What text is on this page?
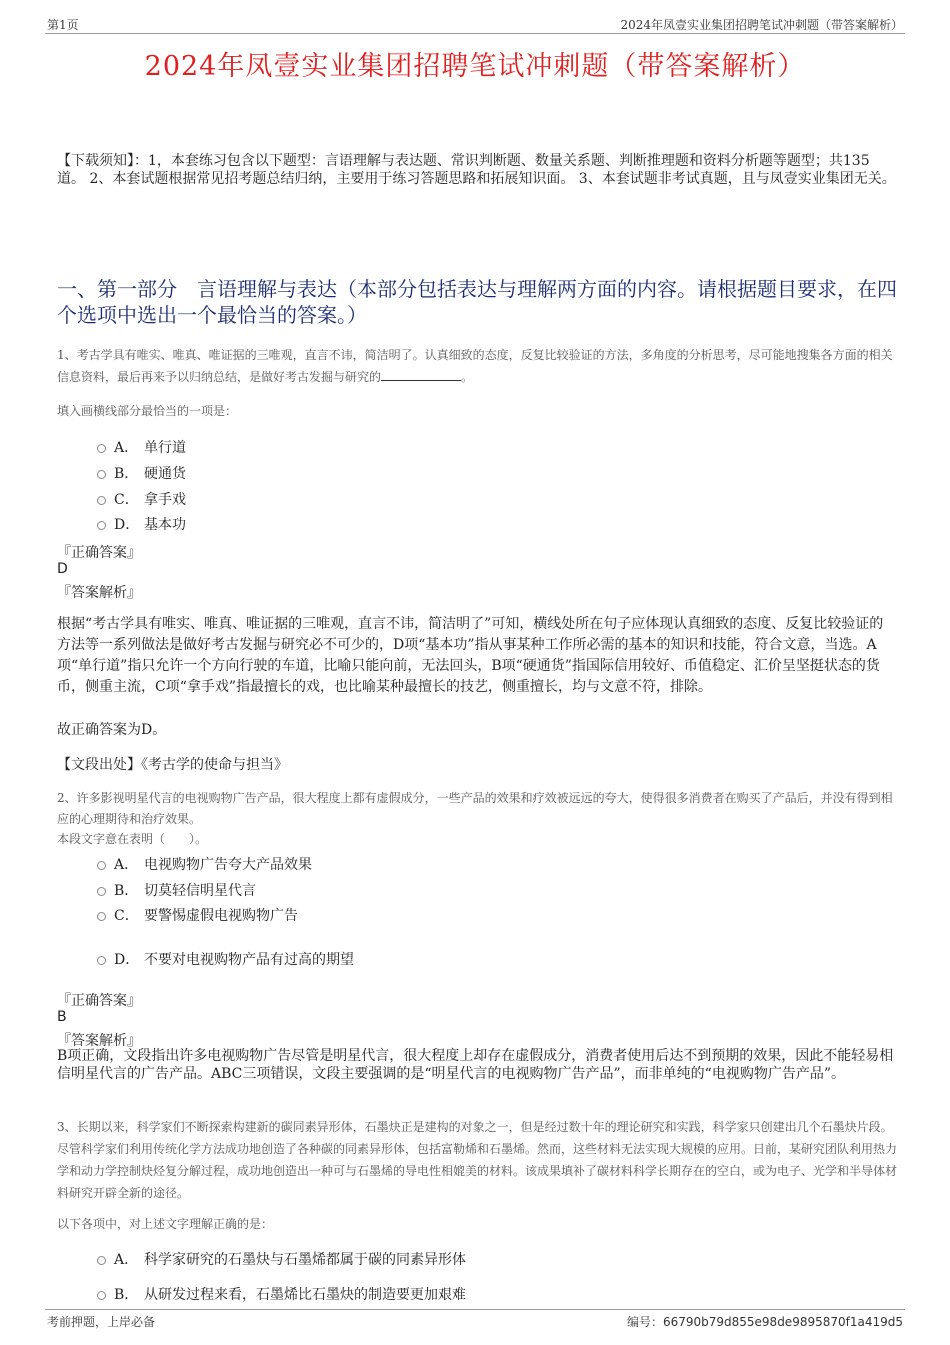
第1页	2024年凤壹实业集团招聘笔试冲刺题（带答案解析）
2024年凤壹实业集团招聘笔试冲刺题（带答案解析）
【下载须知】：1，本套练习包含以下题型：言语理解与表达题、常识判断题、数量关系题、判断推理题和资料分析题等题型；共135道。 2、本套试题根据常见招考题总结归纳，主要用于练习答题思路和拓展知识面。 3、本套试题非考试真题，且与凤壹实业集团无关。
一、第一部分　言语理解与表达（本部分包括表达与理解两方面的内容。请根据题目要求，在四个选项中选出一个最恰当的答案。）
1、考古学具有唯实、唯真、唯证据的三唯观，直言不讳，简洁明了。认真细致的态度，反复比较验证的方法，多角度的分析思考，尽可能地搜集各方面的相关信息资料，最后再来予以归纳总结，是做好考古发掘与研究的	。
填入画横线部分最恰当的一项是：
A． 单行道
B． 硬通货
C． 拿手戏
D． 基本功
『正确答案』
D
『答案解析』
根据“考古学具有唯实、唯真、唯证据的三唯观，直言不讳，简洁明了”可知，横线处所在句子应体现认真细致的态度、反复比较验证的方法等一系列做法是做好考古发掘与研究必不可少的，D项“基本功”指从事某种工作所必需的基本的知识和技能，符合文意，当选。A项“单行道”指只允许一个方向行驶的车道，比喻只能向前，无法回头，B项“硬通货”指国际信用较好、币值稳定、汇价呈坚挺状态的货币，侧重主流，C项“拿手戏”指最擅长的戏，也比喻某种最擅长的技艺，侧重擅长，均与文意不符，排除。
故正确答案为D。
【文段出处】《考古学的使命与担当》
2、许多影视明星代言的电视购物广告产品，很大程度上都有虚假成分，一些产品的效果和疗效被远远的夸大，使得很多消费者在购买了产品后，并没有得到相应的心理期待和治疗效果。
本段文字意在表明（　　）。
A． 电视购物广告夸大产品效果
B． 切莫轻信明星代言
C． 要警惕虚假电视购物广告
D． 不要对电视购物产品有过高的期望
『正确答案』
B
『答案解析』
B项正确，文段指出许多电视购物广告尽管是明星代言，很大程度上却存在虚假成分，消费者使用后达不到预期的效果，因此不能轻易相信明星代言的广告产品。ABC三项错误，文段主要强调的是“明星代言的电视购物广告产品”，而非单纯的“电视购物广告产品”。
3、长期以来，科学家们不断探索构建新的碳同素异形体，石墨炔正是建构的对象之一，但是经过数十年的理论研究和实践，科学家只创建出几个石墨炔片段。尽管科学家们利用传统化学方法成功地创造了各种碳的同素异形体，包括富勒烯和石墨烯。然而，这些材料无法实现大规模的应用。日前，某研究团队利用热力学和动力学控制炔烃复分解过程，成功地创造出一种可与石墨烯的导电性相媲美的材料。该成果填补了碳材料科学长期存在的空白，或为电子、光学和半导体材料研究开辟全新的途径。
以下各项中，对上述文字理解正确的是：
A． 科学家研究的石墨炔与石墨烯都属于碳的同素异形体
B． 从研发过程来看，石墨烯比石墨炔的制造要更加艰难
考前押题，上岸必备	编号：66790b79d855e98de9895870f1a419d5
